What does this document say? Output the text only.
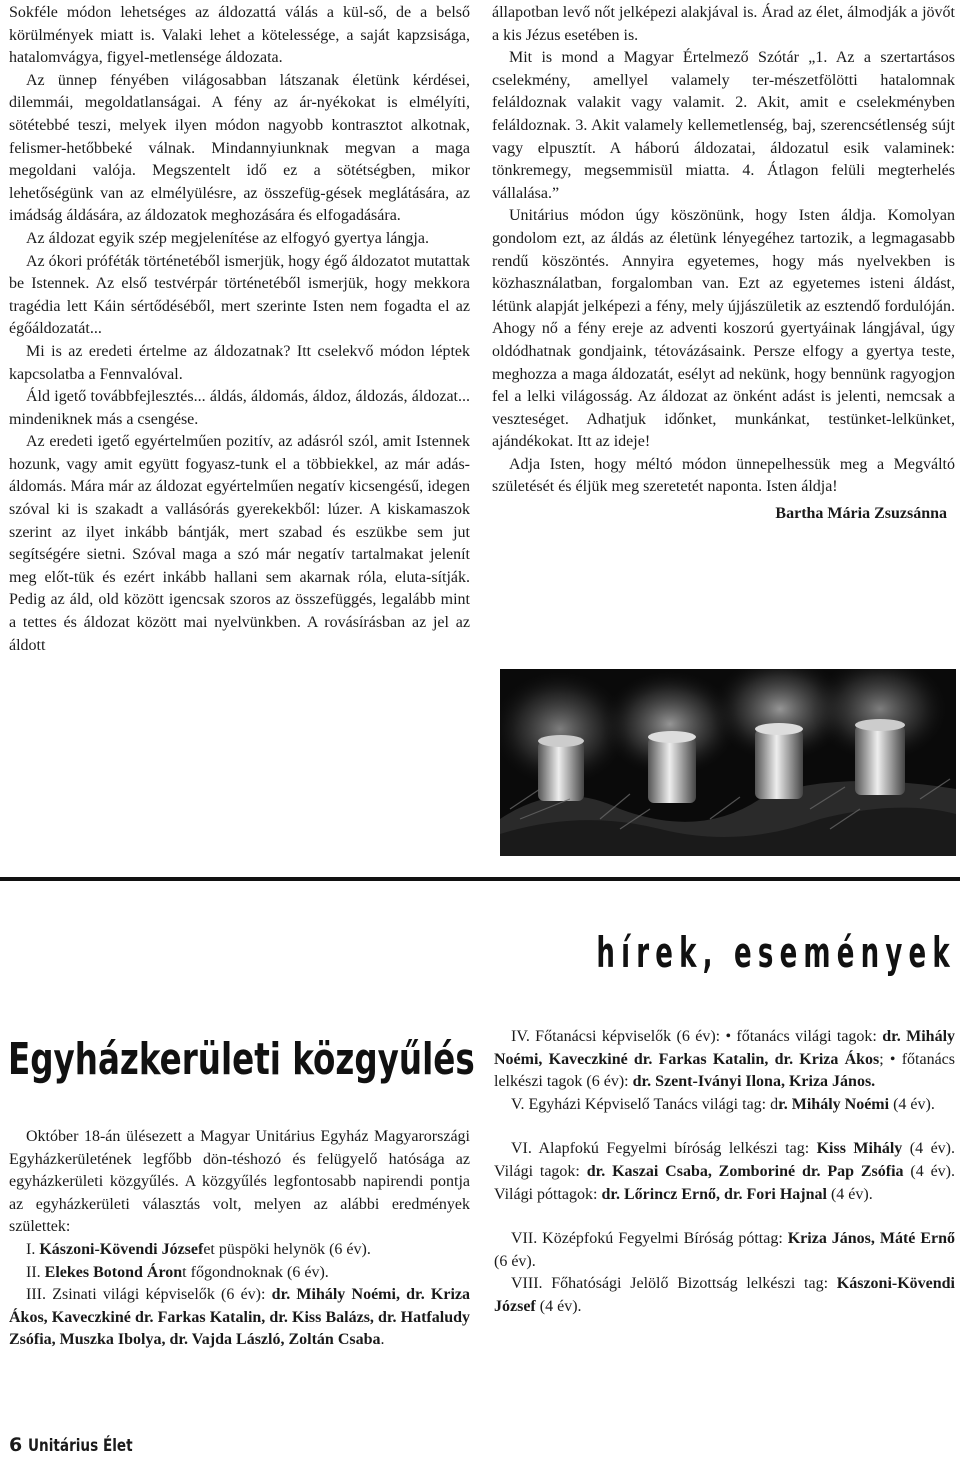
Sokféle módon lehetséges az áldozattá válás a kül-ső, de a belső körülmények miatt is. Valaki lehet a kötelessége, a saját kapzsisága, hatalomvágya, figyel-metlensége áldozata.

Az ünnep fényében világosabban látszanak életünk kérdései, dilemmái, megoldatlanságai. A fény az ár-nyékokat is elmélyíti, sötétebbé teszi, melyek ilyen módon nagyobb kontrasztot alkotnak, felismer-hetőbbeké válnak. Mindannyiunknak megvan a maga megoldani valója. Megszentelt idő ez a sötétségben, mikor lehetőségünk van az elmélyülésre, az összefüg-gések meglátására, az imádság áldására, az áldozatok meghozására és elfogadására.

Az áldozat egyik szép megjelenítése az elfogyó gyertya lángja.

Az ókori próféták történetéből ismerjük, hogy égő áldozatot mutattak be Istennek. Az első testvérpár történetéből ismerjük, hogy mekkora tragédia lett Káin sértődéséből, mert szerinte Isten nem fogadta el az égőáldozatát...

Mi is az eredeti értelme az áldozatnak? Itt cselekvő módon léptek kapcsolatba a Fennvalóval.

Áld igető továbbfejlesztés... áldás, áldomás, áldoz, áldozás, áldozat... mindeniknek más a csengése.

Az eredeti igető egyértelműen pozitív, az adásról szól, amit Istennek hozunk, vagy amit együtt fogyasz-tunk el a többiekkel, az már adás-áldomás. Mára már az áldozat egyértelműen negatív kicsengésű, idegen szóval ki is szakadt a vallásórás gyerekekből: lúzer. A kiskamaszok szerint az ilyet inkább bántják, mert szabad és eszükbe sem jut segítségére sietni. Szóval maga a szó már negatív tartalmakat jelenít meg előt-tük és ezért inkább hallani sem akarnak róla, eluta-sítják. Pedig az áld, old között igencsak szoros az összefüggés, legalább mint a tettes és áldozat között mai nyelvünkben. A rovásírásban az jel az áldott

állapotban levő nőt jelképezi alakjával is. Árad az élet, álmodják a jövőt a kis Jézus esetében is.

Mit is mond a Magyar Értelmező Szótár „1. Az a szertartásos cselekmény, amellyel valamely ter-mészetfölötti hatalomnak feláldoznak valakit vagy valamit. 2. Akit, amit e cselekményben feláldoznak. 3. Akit valamely kellemetlenség, baj, szerencsétlenség sújt vagy elpusztít. A háború áldozatai, áldozatul esik valaminek: tönkremegy, megsemmisül miatta. 4. Átlagon felüli megterhelés vállalása.”

Unitárius módon úgy köszönünk, hogy Isten áldja. Komolyan gondolom ezt, az áldás az életünk lényegéhez tartozik, a legmagasabb rendű köszöntés. Annyira egyetemes, hogy más nyelvekben is közhasználatban, forgalomban van. Ezt az egyetemes isteni áldást, létünk alapját jelképezi a fény, mely újjászületik az esztendő fordulóján. Ahogy nő a fény ereje az adventi koszorú gyertyáinak lángjával, úgy oldódhatnak gondjaink, tétovázásaink. Persze elfogy a gyertya teste, meghozza a maga áldozatát, esélyt ad nekünk, hogy bennünk ragyogjon fel a lelki világosság. Az áldozat az önként adást is jelenti, nemcsak a veszteséget. Adhatjuk időnket, munkánkat, testünket-lelkünket, ajándékokat. Itt az ideje!

Adja Isten, hogy méltó módon ünnepelhessük meg a Megváltó születését és éljük meg szeretetét naponta. Isten áldja!

Bartha Mária Zsuzsánna

hírek, események
Egyházkerületi közgyűlés

Október 18-án ülésezett a Magyar Unitárius Egyház Magyarországi Egyházkerületének legfőbb dön-téshozó és felügyelő hatósága az egyházkerületi közgyűlés. A közgyűlés legfontosabb napirendi pontja az egyházkerületi választás volt, melyen az alábbi eredmények születtek:

I. Kászoni-Kövendi Józsefet püspöki helynök (6 év).

II. Elekes Botond Áront főgondnoknak (6 év).

III. Zsinati világi képviselők (6 év): dr. Mihály Noémi, dr. Kriza Ákos, Kaveczkiné dr. Farkas Katalin, dr. Kiss Balázs, dr. Hatfaludy Zsófia, Muszka Ibolya, dr. Vajda László, Zoltán Csaba.

IV. Főtanácsi képviselők (6 év): • főtanács világi tagok: dr. Mihály Noémi, Kaveczkiné dr. Farkas Katalin, dr. Kriza Ákos; • főtanács lelkészi tagok (6 év): dr. Szent-Iványi Ilona, Kriza János.

V. Egyházi Képviselő Tanács világi tag: dr. Mihály Noémi (4 év).

VI. Alapfokú Fegyelmi bíróság lelkészi tag: Kiss Mihály (4 év). Világi tagok: dr. Kaszai Csaba, Zomboriné dr. Pap Zsófia (4 év). Világi póttagok: dr. Lőrincz Ernő, dr. Fori Hajnal (4 év).

VII. Középfokú Fegyelmi Bíróság póttag: Kriza János, Máté Ernő (6 év).

VIII. Főhatósági Jelölő Bizottság lelkészi tag: Kászoni-Kövendi József (4 év).

6 Unitárius Élet
